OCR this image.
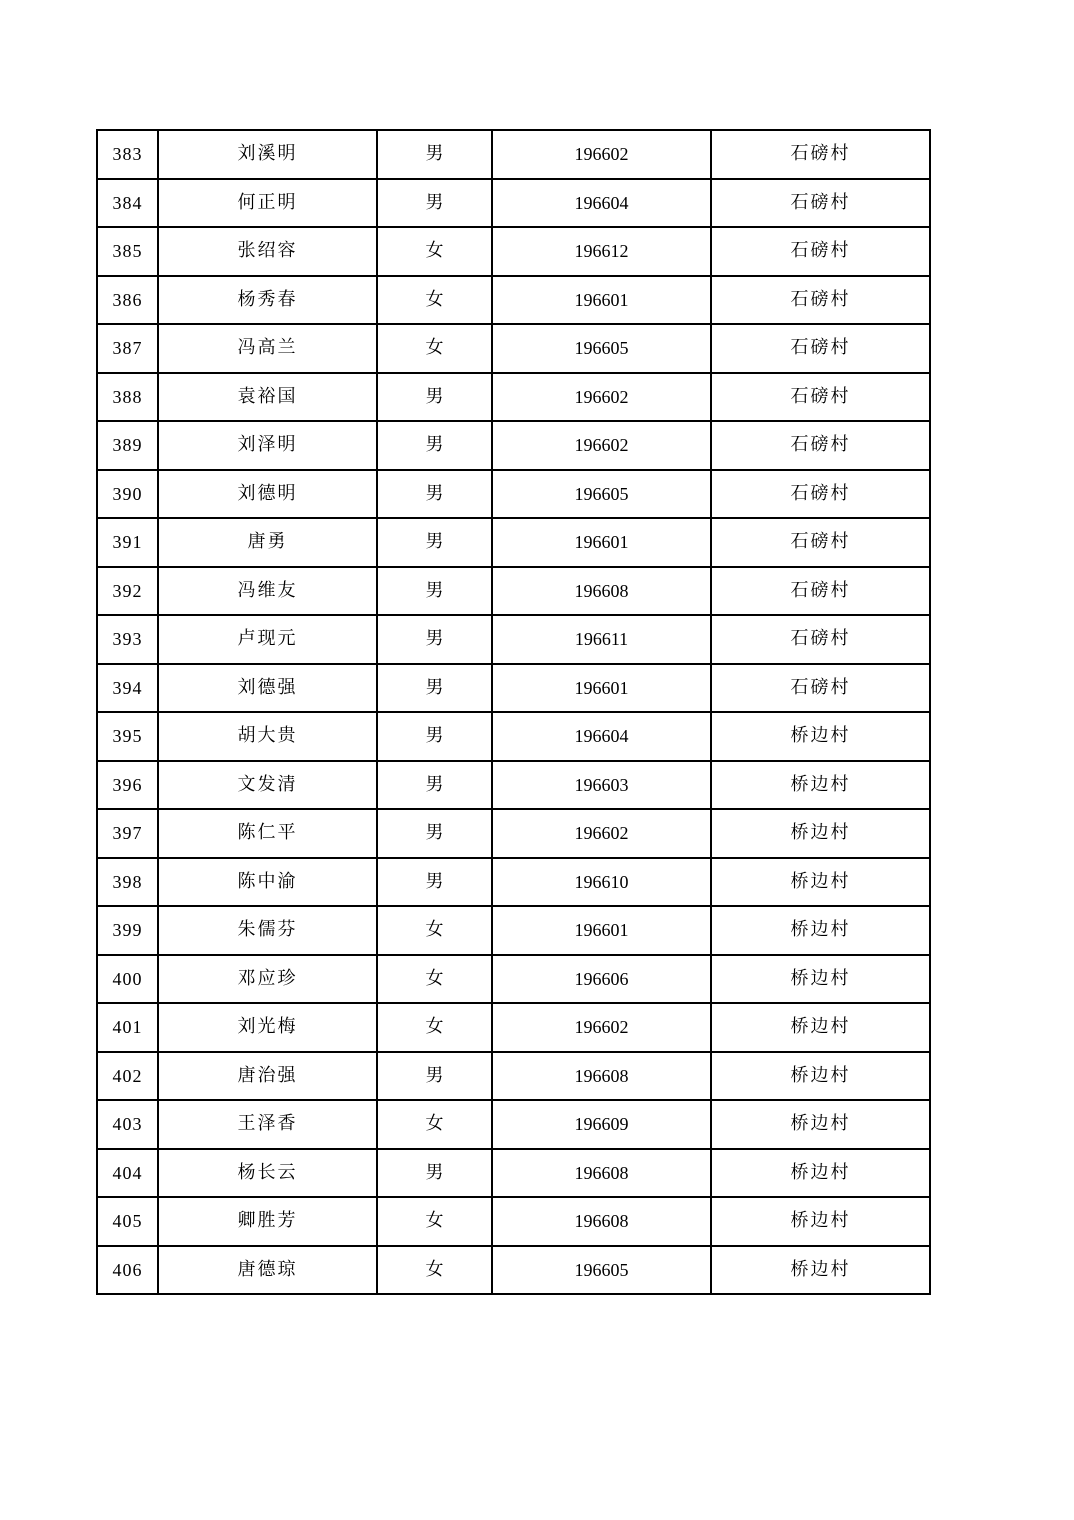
383	刘溪明	男	196602	石磅村
384	何正明	男	196604	石磅村
385	张绍容	女	196612	石磅村
386	杨秀春	女	196601	石磅村
387	冯高兰	女	196605	石磅村
388	袁裕国	男	196602	石磅村
389	刘泽明	男	196602	石磅村
390	刘德明	男	196605	石磅村
391	唐勇	男	196601	石磅村
392	冯维友	男	196608	石磅村
393	卢现元	男	196611	石磅村
394	刘德强	男	196601	石磅村
395	胡大贵	男	196604	桥边村
396	文发清	男	196603	桥边村
397	陈仁平	男	196602	桥边村
398	陈中渝	男	196610	桥边村
399	朱儒芬	女	196601	桥边村
400	邓应珍	女	196606	桥边村
401	刘光梅	女	196602	桥边村
402	唐治强	男	196608	桥边村
403	王泽香	女	196609	桥边村
404	杨长云	男	196608	桥边村
405	卿胜芳	女	196608	桥边村
406	唐德琼	女	196605	桥边村
